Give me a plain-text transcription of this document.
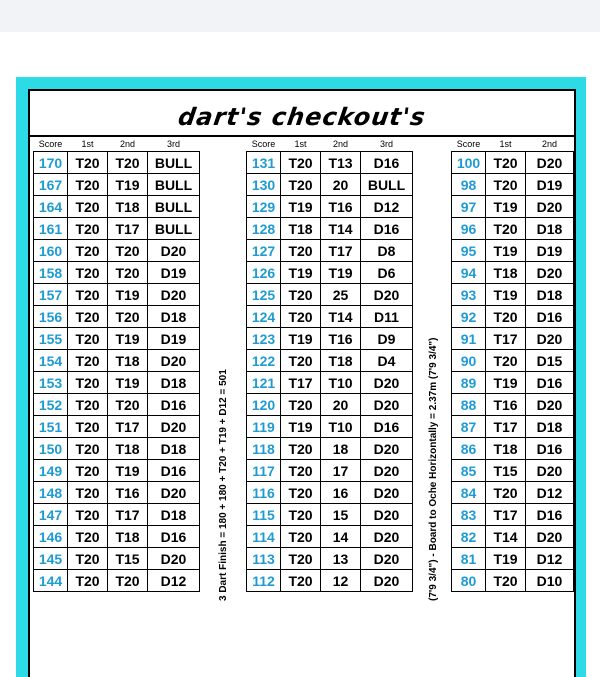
dart's checkout's
Score	1st	2nd	3rd
170	T20	T20	BULL
167	T20	T19	BULL
164	T20	T18	BULL
161	T20	T17	BULL
160	T20	T20	D20
158	T20	T20	D19
157	T20	T19	D20
156	T20	T20	D18
155	T20	T19	D19
154	T20	T18	D20
153	T20	T19	D18
152	T20	T20	D16
151	T20	T17	D20
150	T20	T18	D18
149	T20	T19	D16
148	T20	T16	D20
147	T20	T17	D18
146	T20	T18	D16
145	T20	T15	D20
144	T20	T20	D12
Score	1st	2nd	3rd
131	T20	T13	D16
130	T20	20	BULL
129	T19	T16	D12
128	T18	T14	D16
127	T20	T17	D8
126	T19	T19	D6
125	T20	25	D20
124	T20	T14	D11
123	T19	T16	D9
122	T20	T18	D4
121	T17	T10	D20
120	T20	20	D20
119	T19	T10	D16
118	T20	18	D20
117	T20	17	D20
116	T20	16	D20
115	T20	15	D20
114	T20	14	D20
113	T20	13	D20
112	T20	12	D20
Score	1st	2nd
100	T20	D20
98	T20	D19
97	T19	D20
96	T20	D18
95	T19	D19
94	T18	D20
93	T19	D18
92	T20	D16
91	T17	D20
90	T20	D15
89	T19	D16
88	T16	D20
87	T17	D18
86	T18	D16
85	T15	D20
84	T20	D12
83	T17	D16
82	T14	D20
81	T19	D12
80	T20	D10
3 Dart Finish = 180 + 180 + T20 + T19 + D12 = 501	(7'9 3/4") - Board to Oche Horizontally = 2.37m (7'9 3/4")
